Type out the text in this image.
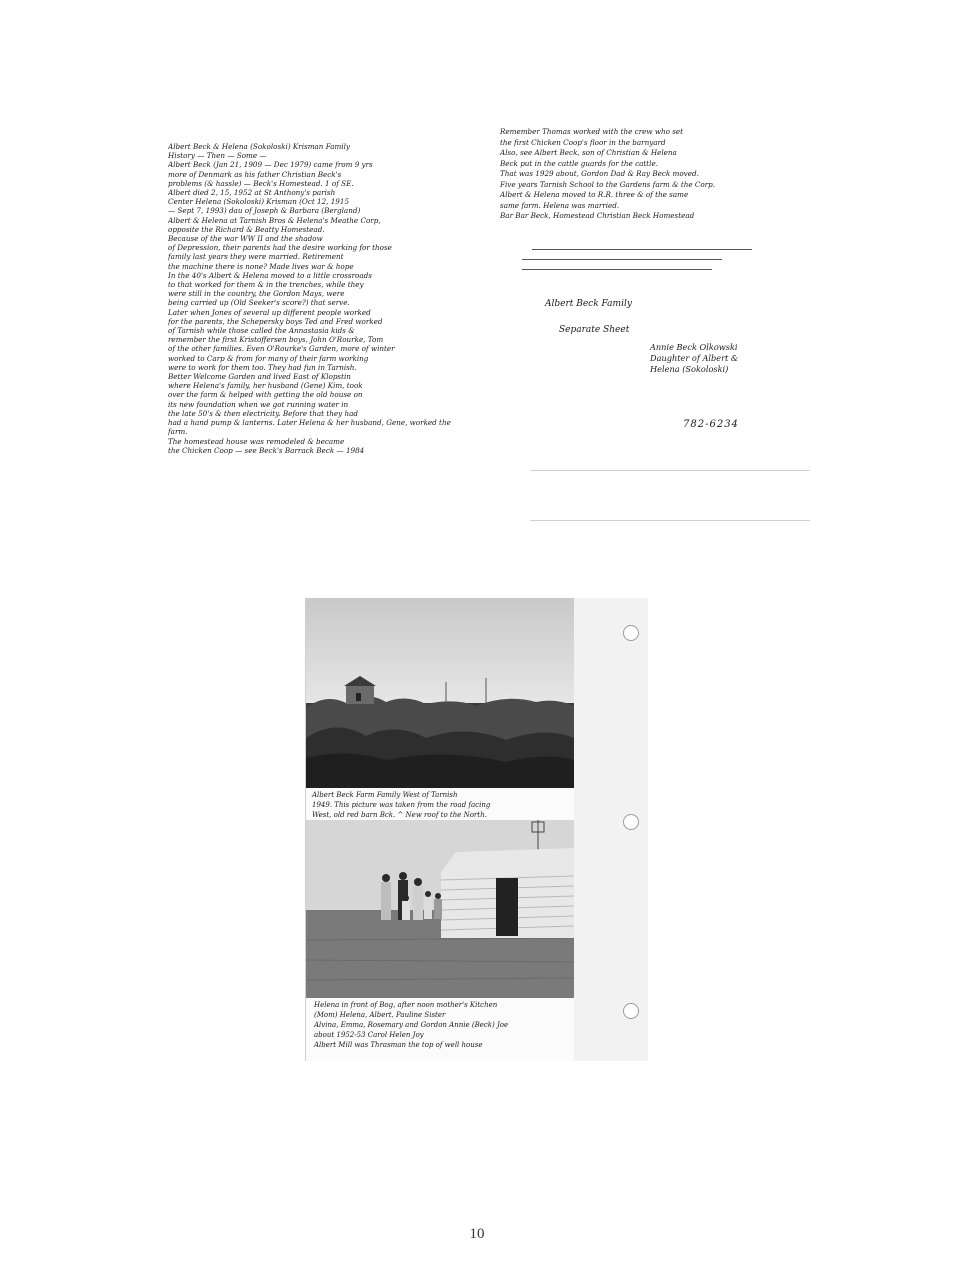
Albert Beck & Helena (Sokoloski) Krisman Family
History — Then — Some —
Albert Beck (Jan 21, 1909 — Dec 1979) came from 9 yrs
more of Denmark as his father Christian Beck's
problems (& hassle) — Beck's Homestead. 1 of SE.
Albert died 2, 15, 1952 at St Anthony's parish
Center Helena (Sokoloski) Krisman (Oct 12, 1915
— Sept 7, 1993) dau of Joseph & Barbara (Bergland)
Albert & Helena at Tarnish Bros & Helena's Meathe Corp,
opposite the Richard & Beatty Homestead.
Because of the war WW II and the shadow
of Depression, their parents had the desire working for those
family last years they were married. Retirement
the machine there is none? Made lives war & hope
In the 40's Albert & Helena moved to a little crossroads
to that worked for them & in the trenches, while they
were still in the country, the Gordon Mays, were
being carried up (Old Seeker's score?) that serve.
Later when Jones of several up different people worked
for the parents, the Schepersky boys Ted and Fred worked
of Tarnish while those called the Annastasia kids &
remember the first Kristoffersen boys, John O'Rourke, Tom
of the other families. Even O'Rourke's Garden, more of winter
worked to Carp & from for many of their farm working
were to work for them too. They had fun in Tarnish.
Better Welcome Garden and lived East of Klopstin
where Helena's family, her husband (Gene) Kim, took
over the farm & helped with getting the old house on
its new foundation when we got running water in
the late 50's & then electricity. Before that they had
had a hand pump & lanterns. Later Helena & her husband, Gene, worked the farm.
The homestead house was remodeled & became
the Chicken Coop — see Beck's Barrack Beck — 1984
Remember Thomas worked with the crew who set
the first Chicken Coop's floor in the barnyard
Also, see Albert Beck, son of Christian & Helena
Beck put in the cattle guards for the cattle.
That was 1929 about, Gordon Dad & Ray Beck moved.
Five years Tarnish School to the Gardens farm & the Corp.
Albert & Helena moved to R.R. three & of the same
same farm. Helena was married.
Bar Bar Beck, Homestead Christian Beck Homestead

Albert Beck Family

Separate Sheet

Annie Beck Olkowski
Daughter of Albert &
Helena (Sokoloski)
782-6234
Albert Beck Farm Family West of Tarnish
1949. This picture was taken from the road facing
West, old red barn Bck. ^ New roof to the North.
Helena in front of Bog, after noon mother's Kitchen
(Mom) Helena, Albert, Pauline Sister
Alvina, Emma, Rosemary and Gordon Annie (Beck) Joe
about 1952-53 Carol Helen Joy
Albert Mill was Thrasman the top of well house
10
